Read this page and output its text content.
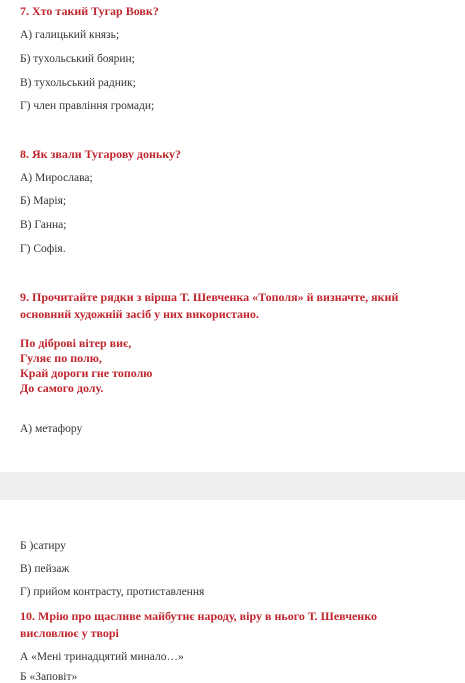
7. Хто такий Тугар Вовк?
А) галицький князь;
Б) тухольський боярин;
В) тухольський радник;
Г) член правління громади;
8. Як звали Тугарову доньку?
А) Мирослава;
Б) Марія;
В) Ганна;
Г) Софія.
9. Прочитайте рядки з вірша Т. Шевченка «Тополя» й визначте, який
основний художній засіб у них використано.
По діброві вітер виє,
Гуляє по полю,
Край дороги гне тополю
До самого долу.
А) метафору
Б )сатиру
В) пейзаж
Г) прийом контрасту, протиставлення
10. Мрію про щасливе майбутнє народу, віру в нього Т. Шевченко
висловлює у творі
А «Мені тринадцятий минало…»
Б «Заповіт»
